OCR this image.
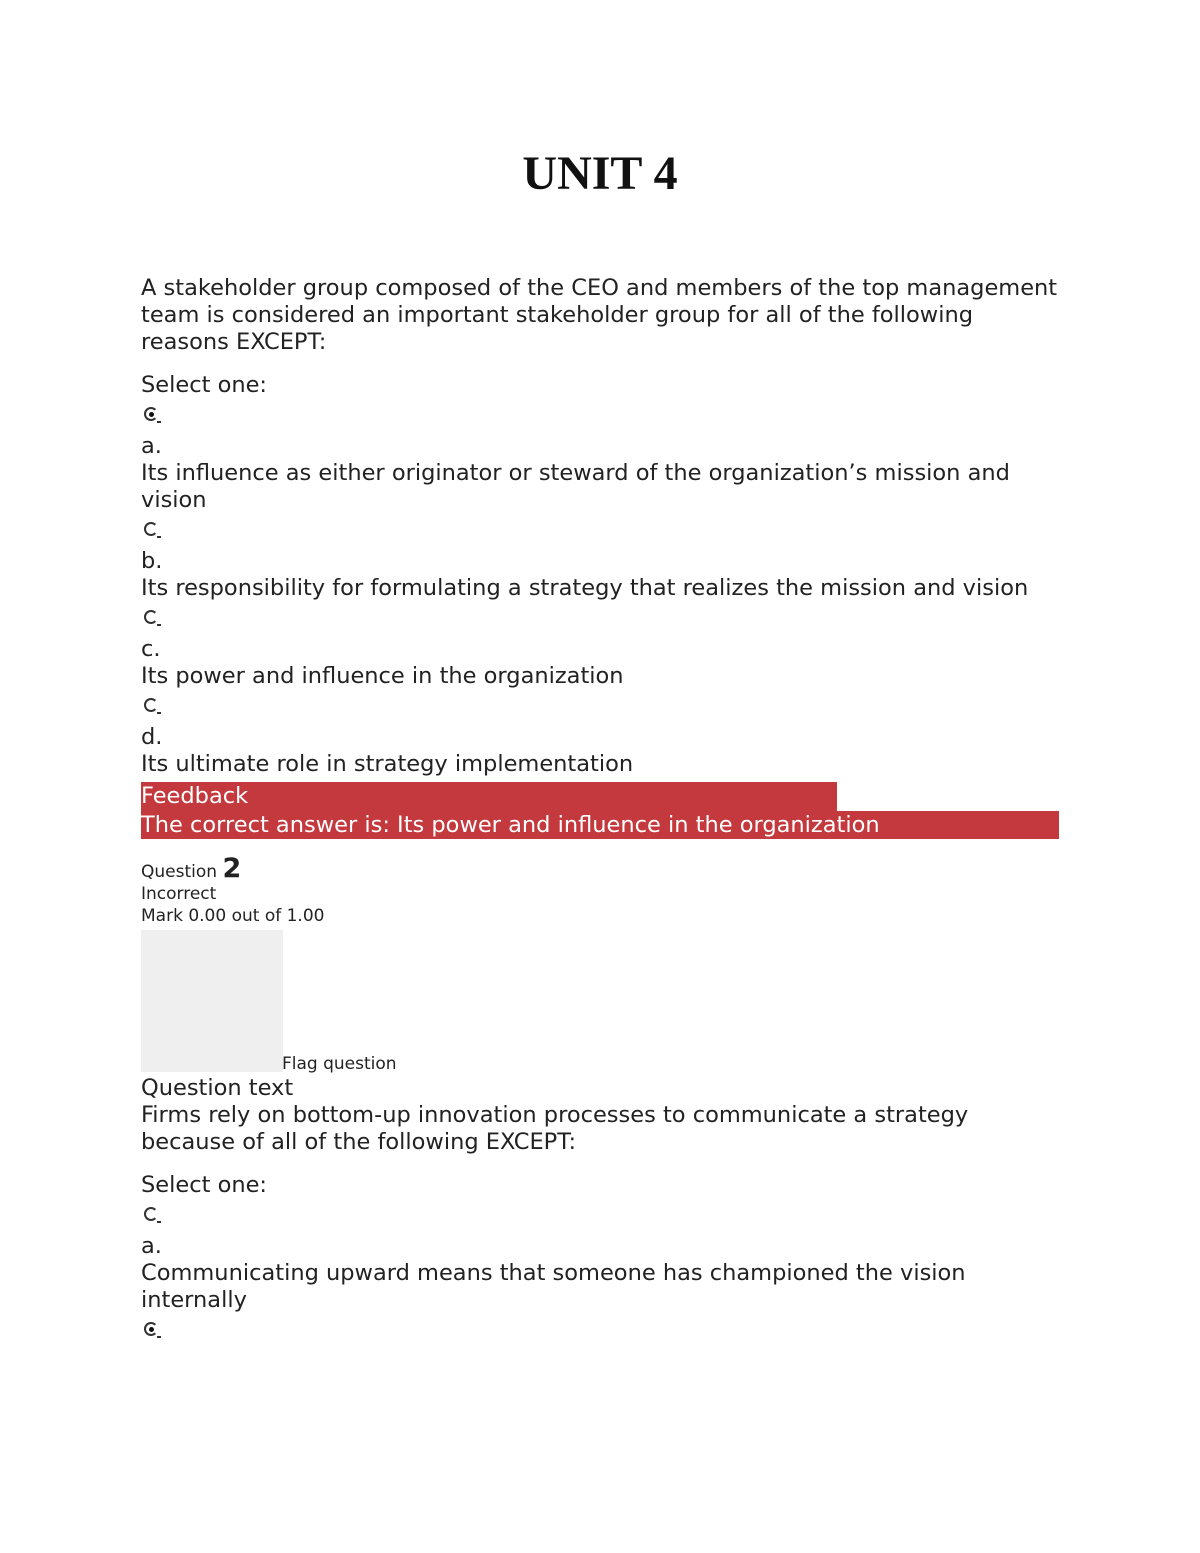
UNIT 4

A stakeholder group composed of the CEO and members of the top management team is considered an important stakeholder group for all of the following reasons EXCEPT:

Select one:
a.
Its influence as either originator or steward of the organization’s mission and vision
b.
Its responsibility for formulating a strategy that realizes the mission and vision
c.
Its power and influence in the organization
d.
Its ultimate role in strategy implementation
Feedback
The correct answer is: Its power and influence in the organization
Question 2
Incorrect
Mark 0.00 out of 1.00
Flag question
Question text

Firms rely on bottom-up innovation processes to communicate a strategy because of all of the following EXCEPT:

Select one:
a.
Communicating upward means that someone has championed the vision internally
